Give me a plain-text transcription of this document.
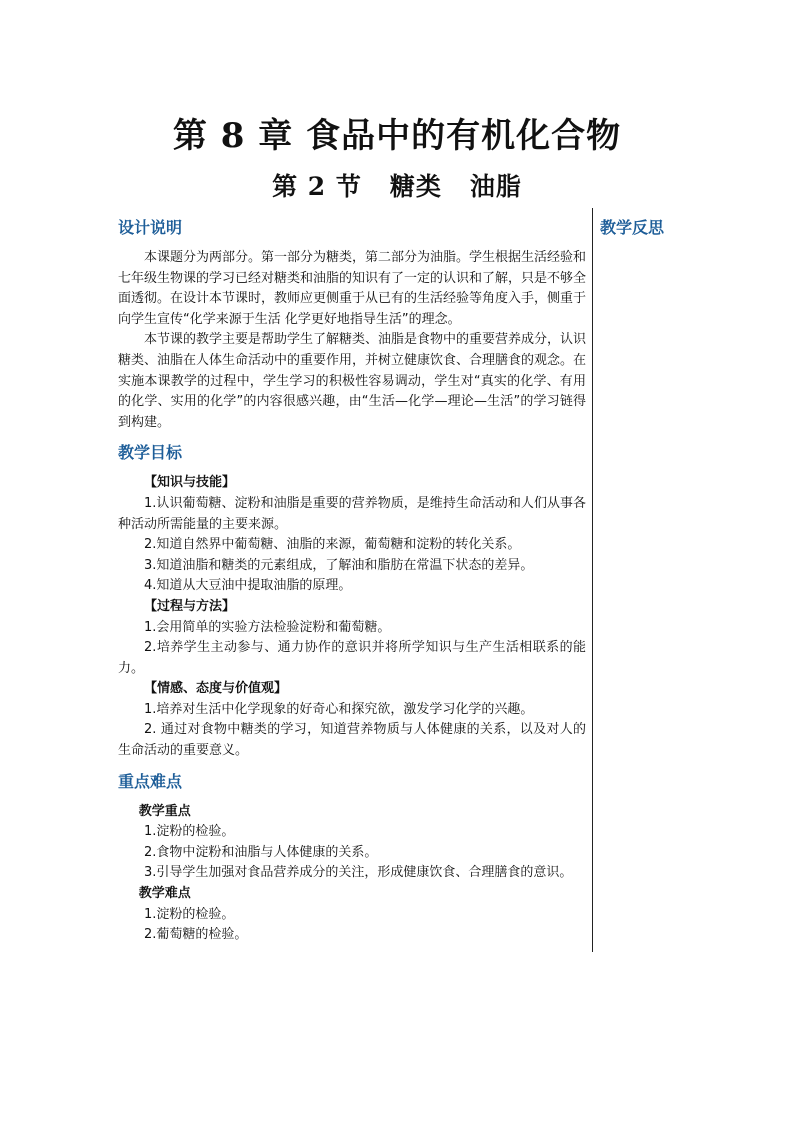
第 8 章 食品中的有机化合物
第 2 节 糖类 油脂
教学反思
设计说明

本课题分为两部分。第一部分为糖类，第二部分为油脂。学生根据生活经验和七年级生物课的学习已经对糖类和油脂的知识有了一定的认识和了解，只是不够全面透彻。在设计本节课时，教师应更侧重于从已有的生活经验等角度入手，侧重于向学生宣传“化学来源于生活 化学更好地指导生活”的理念。

本节课的教学主要是帮助学生了解糖类、油脂是食物中的重要营养成分，认识糖类、油脂在人体生命活动中的重要作用，并树立健康饮食、合理膳食的观念。在实施本课教学的过程中，学生学习的积极性容易调动，学生对“真实的化学、有用的化学、实用的化学”的内容很感兴趣，由“生活—化学—理论—生活”的学习链得到构建。

教学目标
【知识与技能】

1.认识葡萄糖、淀粉和油脂是重要的营养物质，是维持生命活动和人们从事各种活动所需能量的主要来源。

2.知道自然界中葡萄糖、油脂的来源，葡萄糖和淀粉的转化关系。

3.知道油脂和糖类的元素组成，了解油和脂肪在常温下状态的差异。

4.知道从大豆油中提取油脂的原理。

【过程与方法】

1.会用简单的实验方法检验淀粉和葡萄糖。

2.培养学生主动参与、通力协作的意识并将所学知识与生产生活相联系的能力。

【情感、态度与价值观】

1.培养对生活中化学现象的好奇心和探究欲，激发学习化学的兴趣。

2. 通过对食物中糖类的学习，知道营养物质与人体健康的关系，以及对人的生命活动的重要意义。

重点难点
教学重点

1.淀粉的检验。

2.食物中淀粉和油脂与人体健康的关系。

3.引导学生加强对食品营养成分的关注，形成健康饮食、合理膳食的意识。

教学难点

1.淀粉的检验。

2.葡萄糖的检验。
